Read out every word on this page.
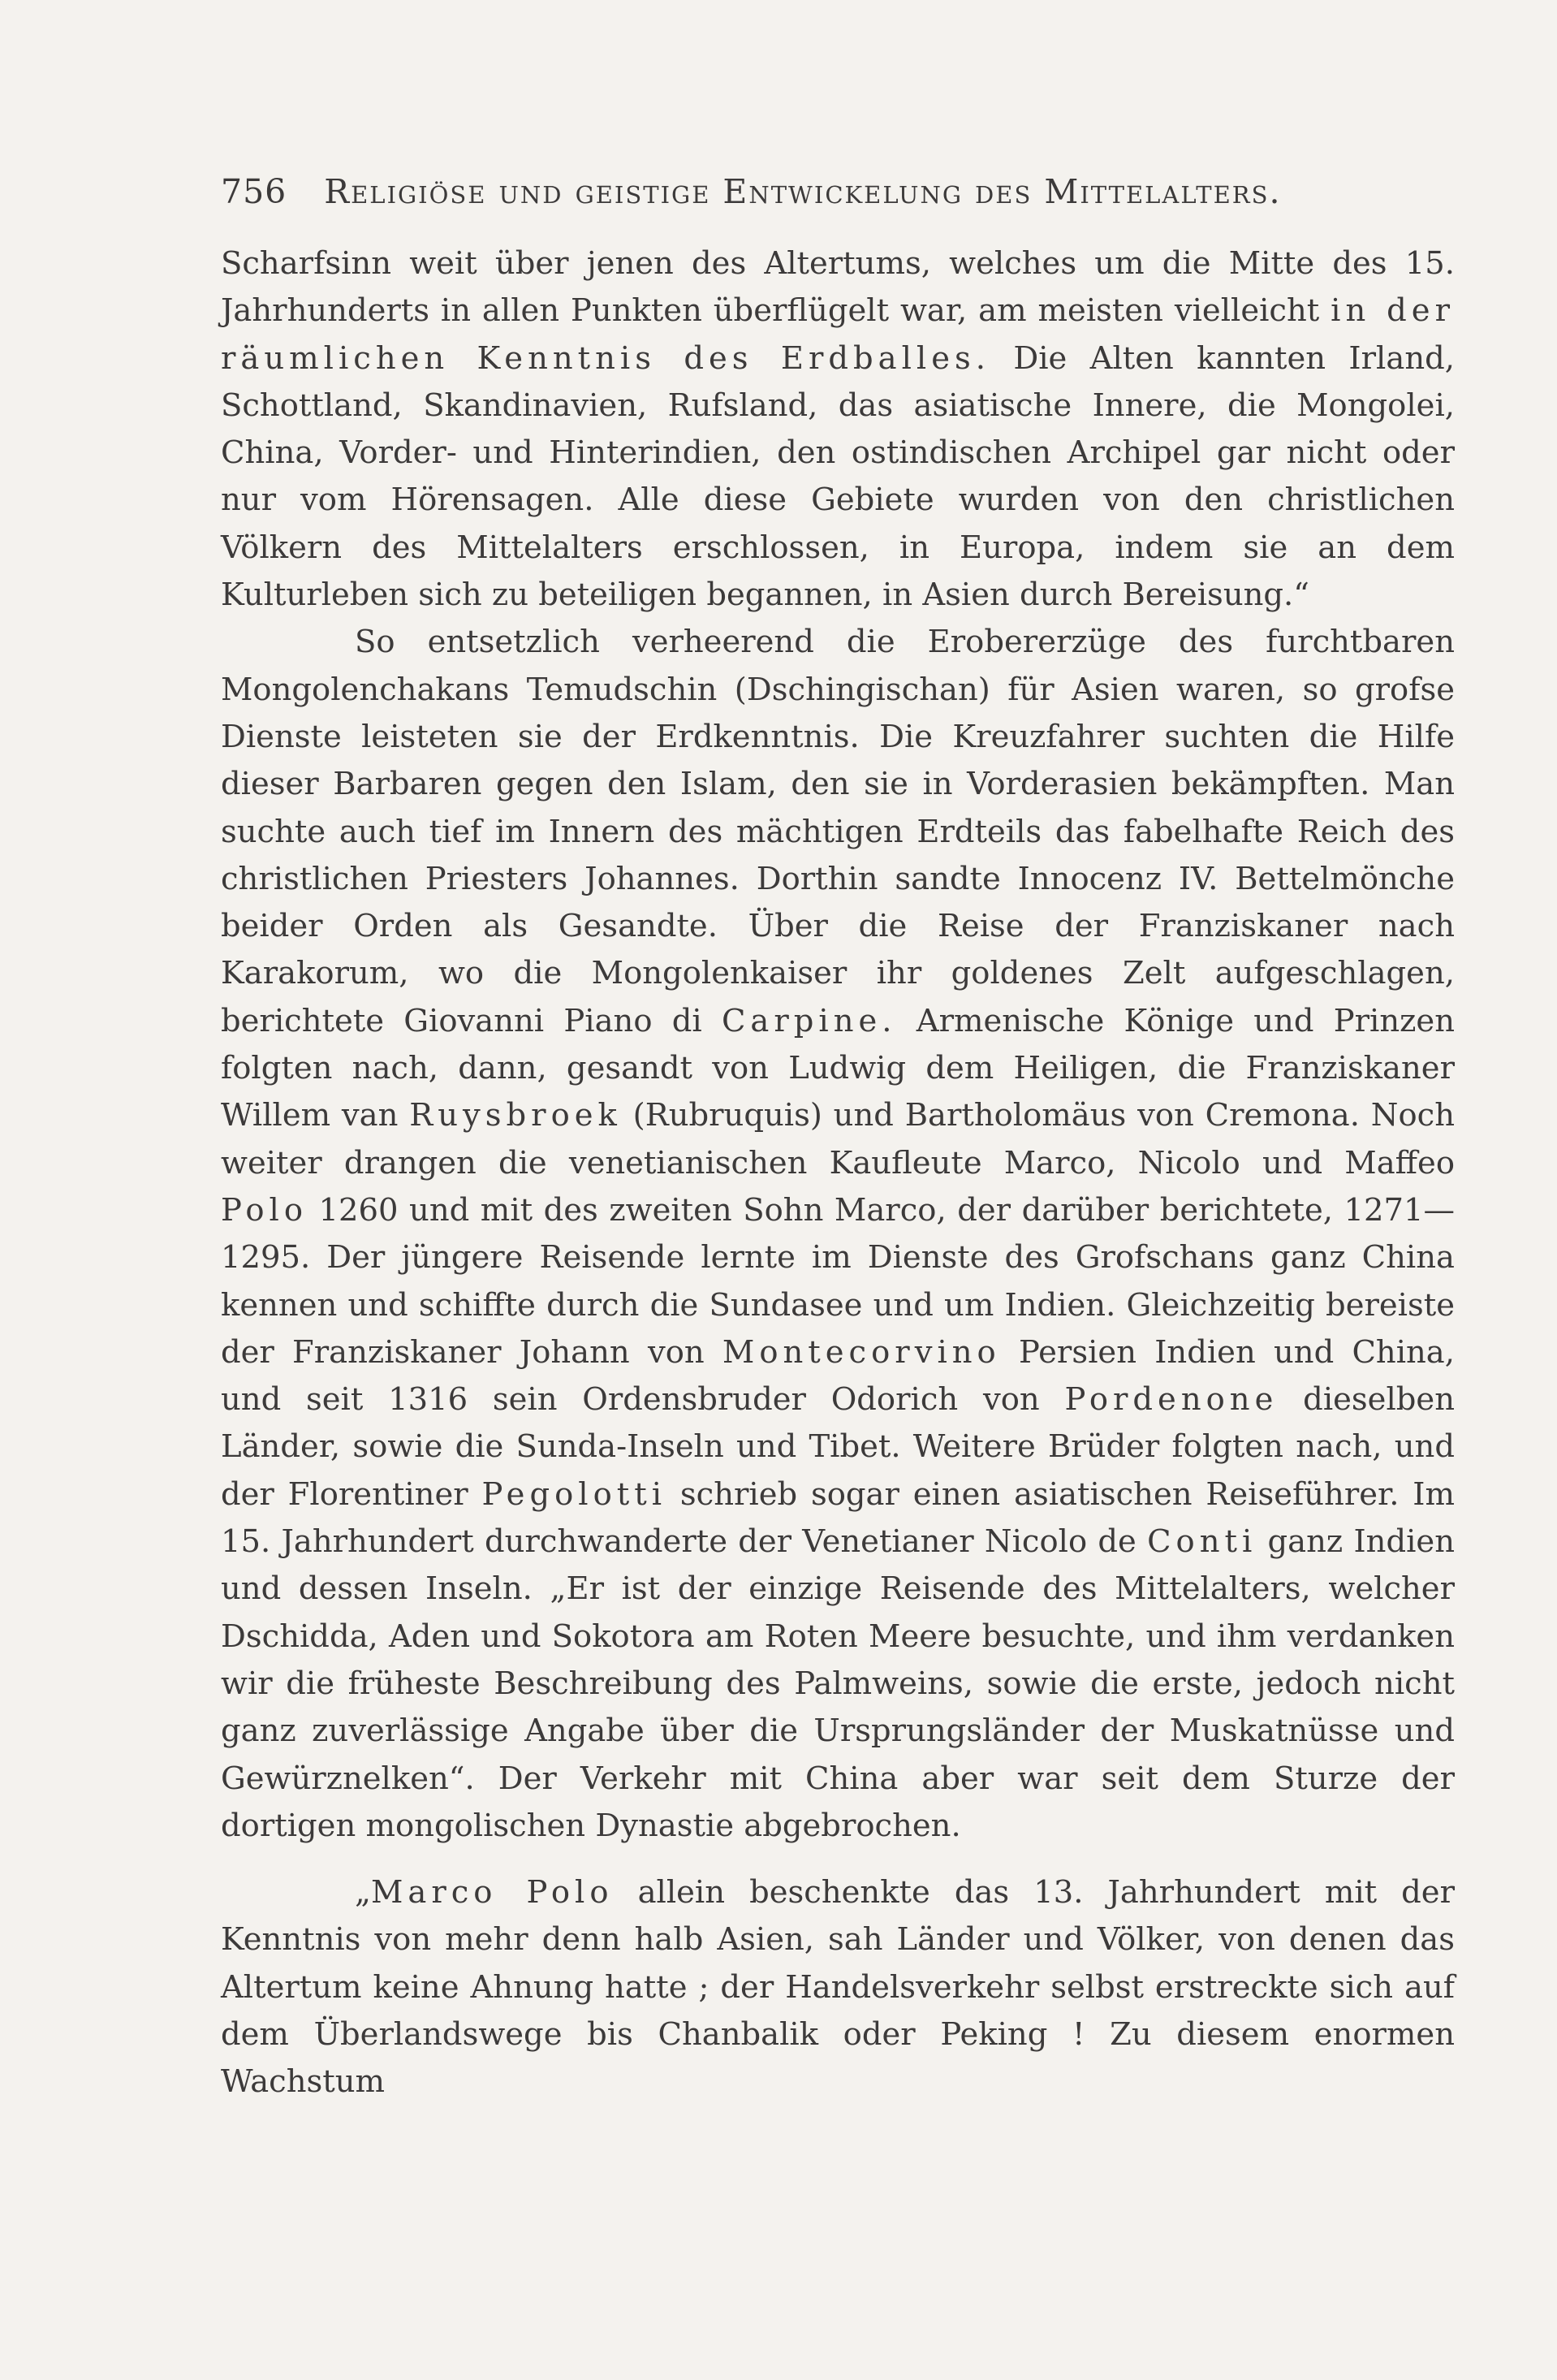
756 Religiöse und geistige Entwickelung des Mittelalters.

Scharfsinn weit über jenen des Altertums, welches um die Mitte des 15. Jahrhunderts in allen Punkten überflügelt war, am meisten vielleicht in der räumlichen Kenntnis des Erdballes. Die Alten kannten Irland, Schottland, Skandinavien, Rufsland, das asiatische Innere, die Mongolei, China, Vorder- und Hinterindien, den ostindischen Archipel gar nicht oder nur vom Hörensagen. Alle diese Gebiete wurden von den christlichen Völkern des Mittelalters erschlossen, in Europa, indem sie an dem Kulturleben sich zu beteiligen begannen, in Asien durch Bereisung.“

So entsetzlich verheerend die Erobererzüge des furchtbaren Mongolenchakans Temudschin (Dschingischan) für Asien waren, so grofse Dienste leisteten sie der Erdkenntnis. Die Kreuzfahrer suchten die Hilfe dieser Barbaren gegen den Islam, den sie in Vorderasien bekämpften. Man suchte auch tief im Innern des mächtigen Erdteils das fabelhafte Reich des christlichen Priesters Johannes. Dorthin sandte Innocenz IV. Bettelmönche beider Orden als Gesandte. Über die Reise der Franziskaner nach Karakorum, wo die Mongolenkaiser ihr goldenes Zelt aufgeschlagen, berichtete Giovanni Piano di Carpine. Armenische Könige und Prinzen folgten nach, dann, gesandt von Ludwig dem Heiligen, die Franziskaner Willem van Ruysbroek (Rubruquis) und Bartholomäus von Cremona. Noch weiter drangen die venetianischen Kaufleute Marco, Nicolo und Maffeo Polo 1260 und mit des zweiten Sohn Marco, der darüber berichtete, 1271—1295. Der jüngere Reisende lernte im Dienste des Grofschans ganz China kennen und schiffte durch die Sundasee und um Indien. Gleichzeitig bereiste der Franziskaner Johann von Montecorvino Persien Indien und China, und seit 1316 sein Ordensbruder Odorich von Pordenone dieselben Länder, sowie die Sunda-Inseln und Tibet. Weitere Brüder folgten nach, und der Florentiner Pegolotti schrieb sogar einen asiatischen Reiseführer. Im 15. Jahrhundert durchwanderte der Venetianer Nicolo de Conti ganz Indien und dessen Inseln. „Er ist der einzige Reisende des Mittelalters, welcher Dschidda, Aden und Sokotora am Roten Meere besuchte, und ihm verdanken wir die früheste Beschreibung des Palmweins, sowie die erste, jedoch nicht ganz zuverlässige Angabe über die Ursprungsländer der Muskatnüsse und Gewürznelken“. Der Verkehr mit China aber war seit dem Sturze der dortigen mongolischen Dynastie abgebrochen.

„Marco Polo allein beschenkte das 13. Jahrhundert mit der Kenntnis von mehr denn halb Asien, sah Länder und Völker, von denen das Altertum keine Ahnung hatte ; der Handelsverkehr selbst erstreckte sich auf dem Überlandswege bis Chanbalik oder Peking ! Zu diesem enormen Wachstum
